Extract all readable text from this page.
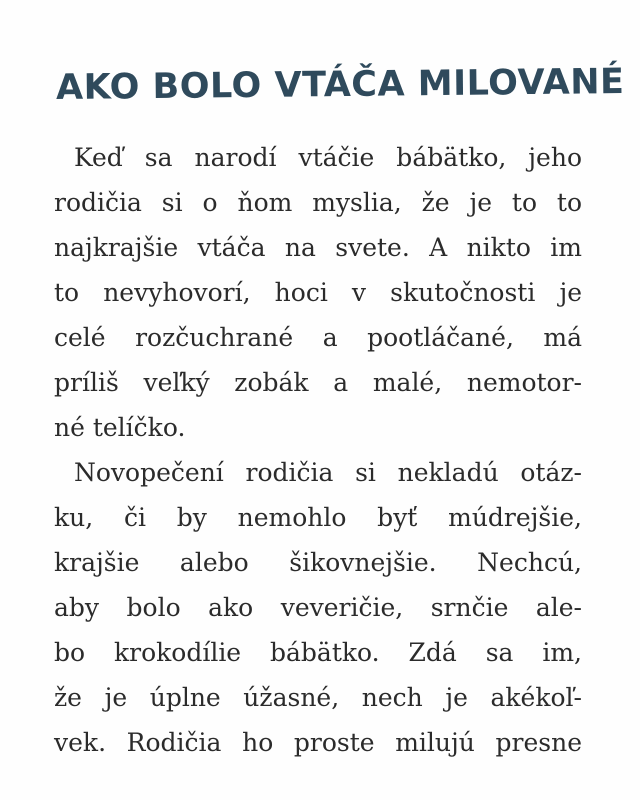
AKO BOLO VTÁČA MILOVANÉ
Keď sa narodí vtáčie bábätko, jeho
rodičia si o ňom myslia, že je to to
najkrajšie vtáča na svete. A nikto im
to nevyhovorí, hoci v skutočnosti je
celé rozčuchrané a pootláčané, má
príliš veľký zobák a malé, nemotor-
né telíčko.
Novopečení rodičia si nekladú otáz-
ku, či by nemohlo byť múdrejšie,
krajšie alebo šikovnejšie. Nechcú,
aby bolo ako veveričie, srnčie ale-
bo krokodílie bábätko. Zdá sa im,
že je úplne úžasné, nech je akékoľ-
vek. Rodičia ho proste milujú presne
